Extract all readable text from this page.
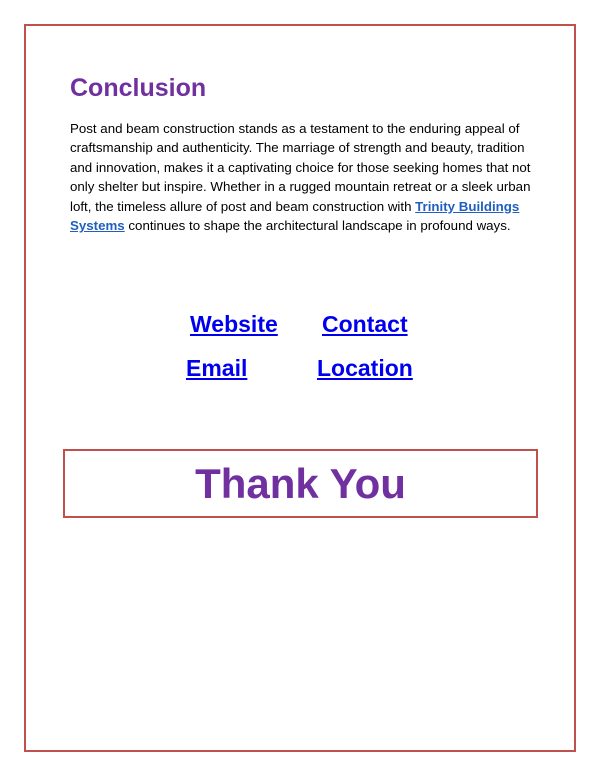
Conclusion

Post and beam construction stands as a testament to the enduring appeal of craftsmanship and authenticity. The marriage of strength and beauty, tradition and innovation, makes it a captivating choice for those seeking homes that not only shelter but inspire. Whether in a rugged mountain retreat or a sleek urban loft, the timeless allure of post and beam construction with Trinity Buildings Systems continues to shape the architectural landscape in profound ways.

Website Contact
Email	Location
Thank You
